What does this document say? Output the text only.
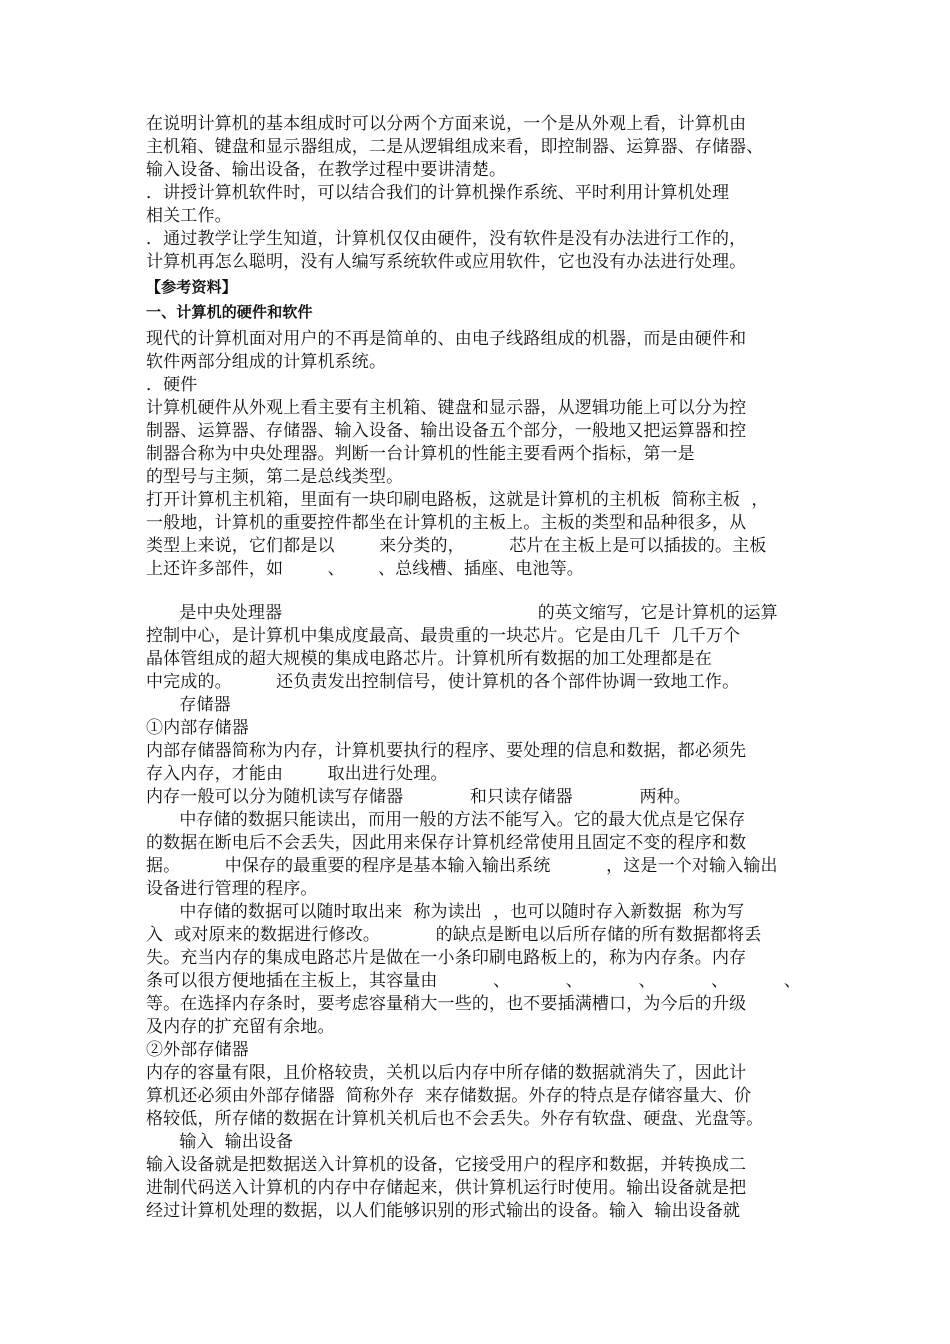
在说明计算机的基本组成时可以分两个方面来说，一个是从外观上看，计算机由

主机箱、键盘和显示器组成，二是从逻辑组成来看，即控制器、运算器、存储器、

输入设备、输出设备，在教学过程中要讲清楚。

．讲授计算机软件时，可以结合我们的计算机操作系统、平时利用计算机处理

相关工作。

．通过教学让学生知道，计算机仅仅由硬件，没有软件是没有办法进行工作的，

计算机再怎么聪明，没有人编写系统软件或应用软件，它也没有办法进行处理。

【参考资料】

一、计算机的硬件和软件

现代的计算机面对用户的不再是简单的、由电子线路组成的机器，而是由硬件和

软件两部分组成的计算机系统。

．硬件

计算机硬件从外观上看主要有主机箱、键盘和显示器，从逻辑功能上可以分为控

制器、运算器、存储器、输入设备、输出设备五个部分，一般地又把运算器和控

制器合称为中央处理器。判断一台计算机的性能主要看两个指标，第一是

的型号与主频，第二是总线类型。

打开计算机主机箱，里面有一块印刷电路板，这就是计算机的主机板  简称主板  ，

一般地，计算机的重要控件都坐在计算机的主板上。主板的类型和品种很多，从

类型上来说，它们都是以        来分类的，        芯片在主板上是可以插拔的。主板

上还许多部件，如        、      、总线槽、插座、电池等。

是中央处理器                                              的英文缩写，它是计算机的运算

控制中心，是计算机中集成度最高、最贵重的一块芯片。它是由几千  几千万个

晶体管组成的超大规模的集成电路芯片。计算机所有数据的加工处理都是在

中完成的。        还负责发出控制信号，使计算机的各个部件协调一致地工作。

存储器

①内部存储器

内部存储器简称为内存，计算机要执行的程序、要处理的信息和数据，都必须先

存入内存，才能由        取出进行处理。

内存一般可以分为随机读写存储器            和只读存储器            两种。

中存储的数据只能读出，而用一般的方法不能写入。它的最大优点是它保存

的数据在断电后不会丢失，因此用来保存计算机经常使用且固定不变的程序和数

据。        中保存的最重要的程序是基本输入输出系统          ，这是一个对输入输出

设备进行管理的程序。

中存储的数据可以随时取出来  称为读出  ，也可以随时存入新数据  称为写

入  或对原来的数据进行修改。          的缺点是断电以后所存储的所有数据都将丢

失。充当内存的集成电路芯片是做在一小条印刷电路板上的，称为内存条。内存

条可以很方便地插在主板上，其容量由          、          、          、          、          、

等。在选择内存条时，要考虑容量稍大一些的，也不要插满槽口，为今后的升级

及内存的扩充留有余地。

②外部存储器

内存的容量有限，且价格较贵，关机以后内存中所存储的数据就消失了，因此计

算机还必须由外部存储器  简称外存  来存储数据。外存的特点是存储容量大、价

格较低，所存储的数据在计算机关机后也不会丢失。外存有软盘、硬盘、光盘等。

输入  输出设备

输入设备就是把数据送入计算机的设备，它接受用户的程序和数据，并转换成二

进制代码送入计算机的内存中存储起来，供计算机运行时使用。输出设备就是把

经过计算机处理的数据，以人们能够识别的形式输出的设备。输入  输出设备就
